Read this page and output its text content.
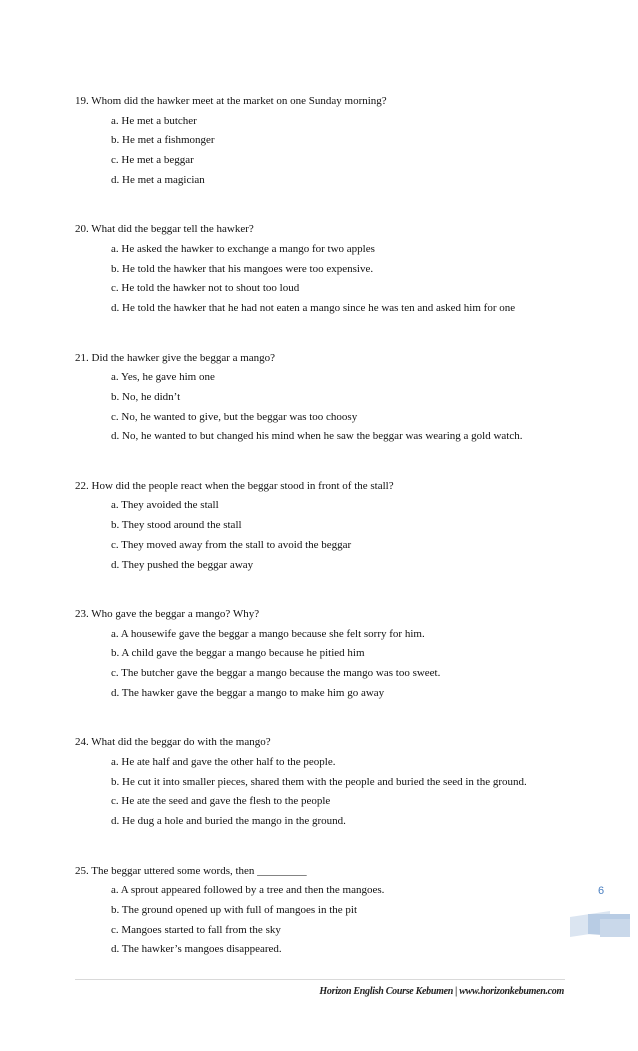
19. Whom did the hawker meet at the market on one Sunday morning?
a. He met a butcher
b. He met a fishmonger
c. He met a beggar
d. He met a magician
20. What did the beggar tell the hawker?
a. He asked the hawker to exchange a mango for two apples
b. He told the hawker that his mangoes were too expensive.
c. He told the hawker not to shout too loud
d. He told the hawker that he had not eaten a mango since he was ten and asked him for one
21. Did the hawker give the beggar a mango?
a. Yes, he gave him one
b. No, he didn’t
c. No, he wanted to give, but the beggar was too choosy
d. No, he wanted to but changed his mind when he saw the beggar was wearing a gold watch.
22. How did the people react when the beggar stood in front of the stall?
a. They avoided the stall
b. They stood around the stall
c. They moved away from the stall to avoid the beggar
d. They pushed the beggar away
23. Who gave the beggar a mango? Why?
a. A housewife gave the beggar a mango because she felt sorry for him.
b. A child gave the beggar a mango because he pitied him
c. The butcher gave the beggar a mango because the mango was too sweet.
d. The hawker gave the beggar a mango to make him go away
24. What did the beggar do with the mango?
a. He ate half and gave the other half to the people.
b. He cut it into smaller pieces, shared them with the people and buried the seed in the ground.
c. He ate the seed and gave the flesh to the people
d. He dug a hole and buried the mango in the ground.
25. The beggar uttered some words, then _________
a. A sprout appeared followed by a tree and then the mangoes.
b. The ground opened up with full of mangoes in the pit
c. Mangoes started to fall from the sky
d. The hawker’s mangoes disappeared.
6
Horizon English Course Kebumen | www.horizonkebumen.com
